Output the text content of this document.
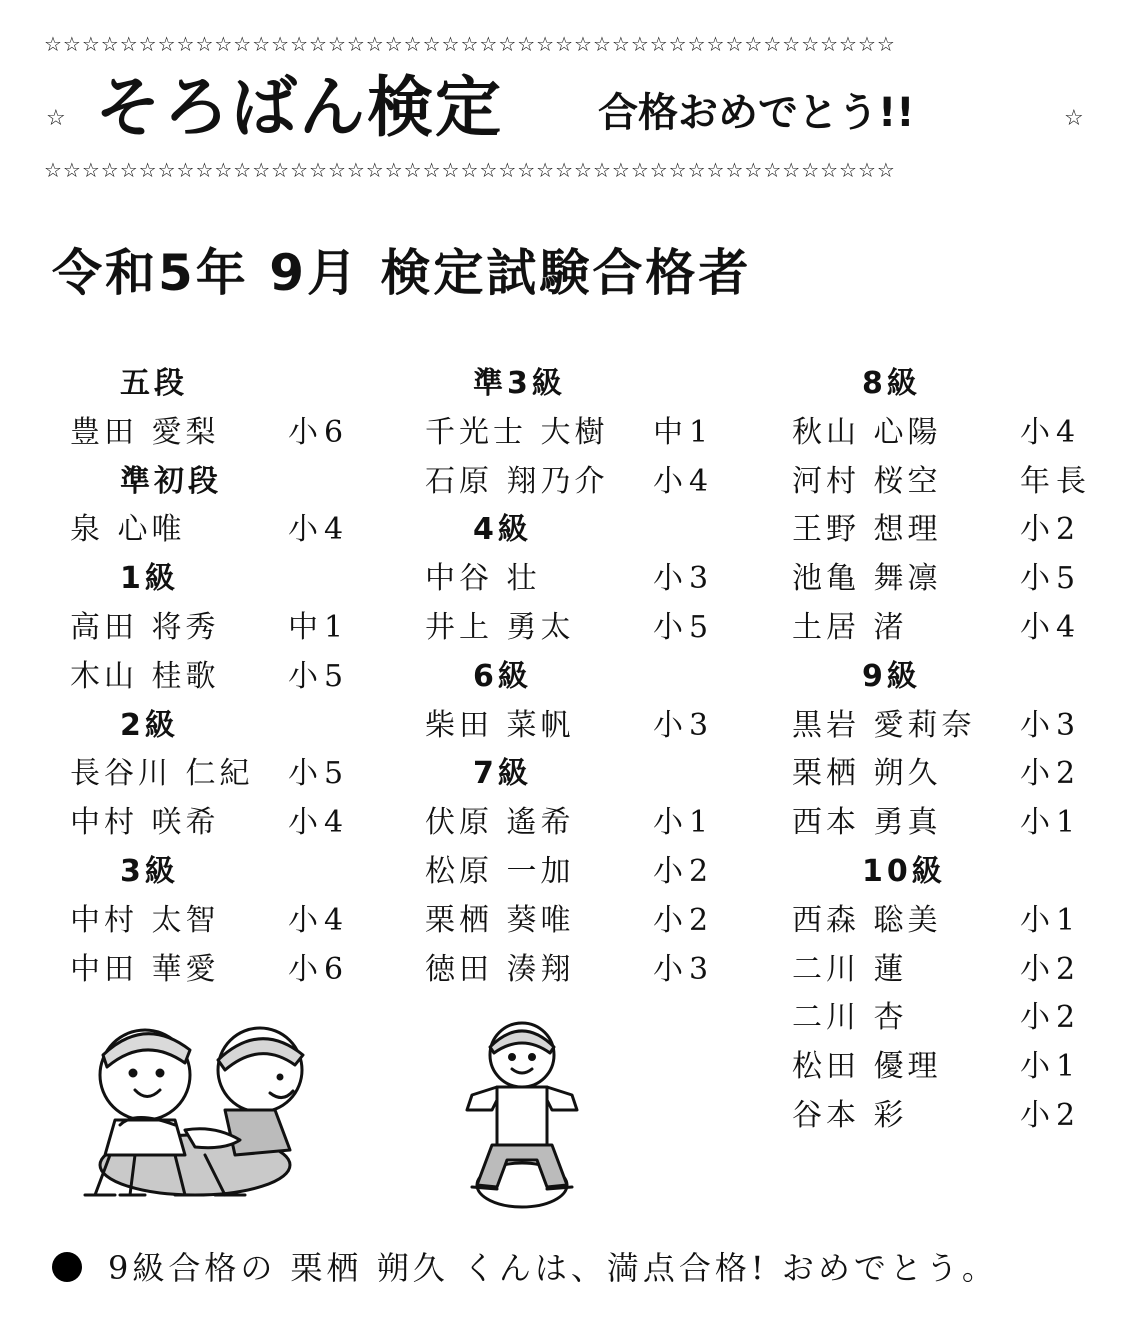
☆☆☆☆☆☆☆☆☆☆☆☆☆☆☆☆☆☆☆☆☆☆☆☆☆☆☆☆☆☆☆☆☆☆☆☆☆☆☆☆☆☆☆☆☆
☆ そろばん検定 合格おめでとう!!	☆
☆☆☆☆☆☆☆☆☆☆☆☆☆☆☆☆☆☆☆☆☆☆☆☆☆☆☆☆☆☆☆☆☆☆☆☆☆☆☆☆☆☆☆☆☆
令和5年 9月 検定試験合格者
五段
豊田 愛梨 小6
準初段
泉 心唯	小4
1級
高田 将秀 中1
木山 桂歌 小5
2級
長谷川 仁紀 小5
中村 咲希 小4
3級
中村 太智 小4
中田 華愛 小6
準3級
千光士 大樹 中1
石原 翔乃介 小4
4級
中谷 壮	小3
井上 勇太	小5
6級
柴田 菜帆	小3
7級
伏原 遙希	小1
松原 一加	小2
栗栖 葵唯	小2
徳田 湊翔	小3
8級
秋山 心陽	小4
河村 桜空	年長
王野 想理	小2
池亀 舞凛	小5
土居 渚	小4
9級
黒岩 愛莉奈 小3
栗栖 朔久	小2
西本 勇真	小1
10級
西森 聡美	小1
二川 蓮	小2
二川 杏	小2
松田 優理	小1
谷本 彩	小2
9級合格の 栗栖 朔久 くんは、満点合格! おめでとう。
